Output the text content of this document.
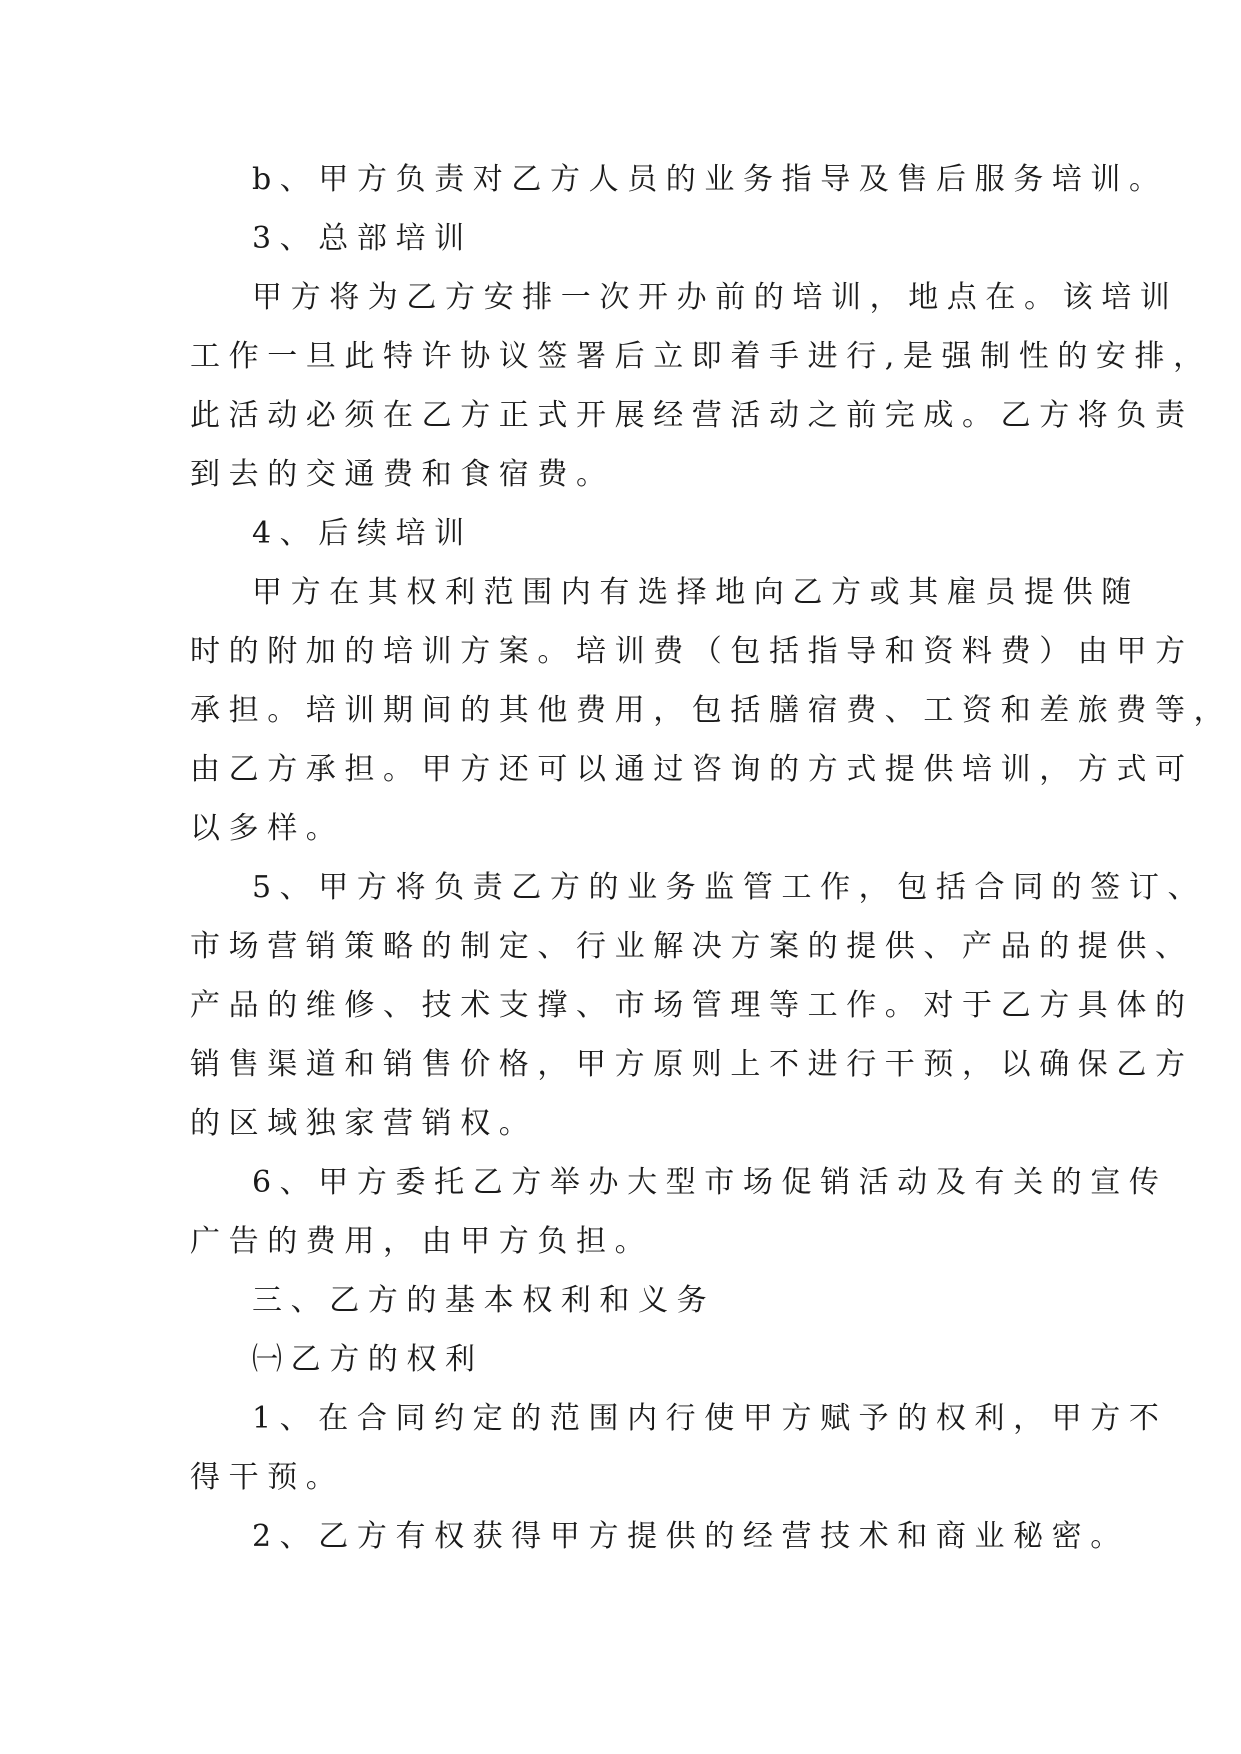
b、甲方负责对乙方人员的业务指导及售后服务培训。

3、总部培训

甲方将为乙方安排一次开办前的培训，地点在。该培训

工作一旦此特许协议签署后立即着手进行,是强制性的安排，

此活动必须在乙方正式开展经营活动之前完成。乙方将负责

到去的交通费和食宿费。

4、后续培训

甲方在其权利范围内有选择地向乙方或其雇员提供随

时的附加的培训方案。培训费（包括指导和资料费）由甲方

承担。培训期间的其他费用，包括膳宿费、工资和差旅费等，

由乙方承担。甲方还可以通过咨询的方式提供培训，方式可

以多样。

5、甲方将负责乙方的业务监管工作，包括合同的签订、

市场营销策略的制定、行业解决方案的提供、产品的提供、

产品的维修、技术支撑、市场管理等工作。对于乙方具体的

销售渠道和销售价格，甲方原则上不进行干预，以确保乙方

的区域独家营销权。

6、甲方委托乙方举办大型市场促销活动及有关的宣传

广告的费用，由甲方负担。

三、乙方的基本权利和义务

㈠乙方的权利

1、在合同约定的范围内行使甲方赋予的权利，甲方不

得干预。

2、乙方有权获得甲方提供的经营技术和商业秘密。
